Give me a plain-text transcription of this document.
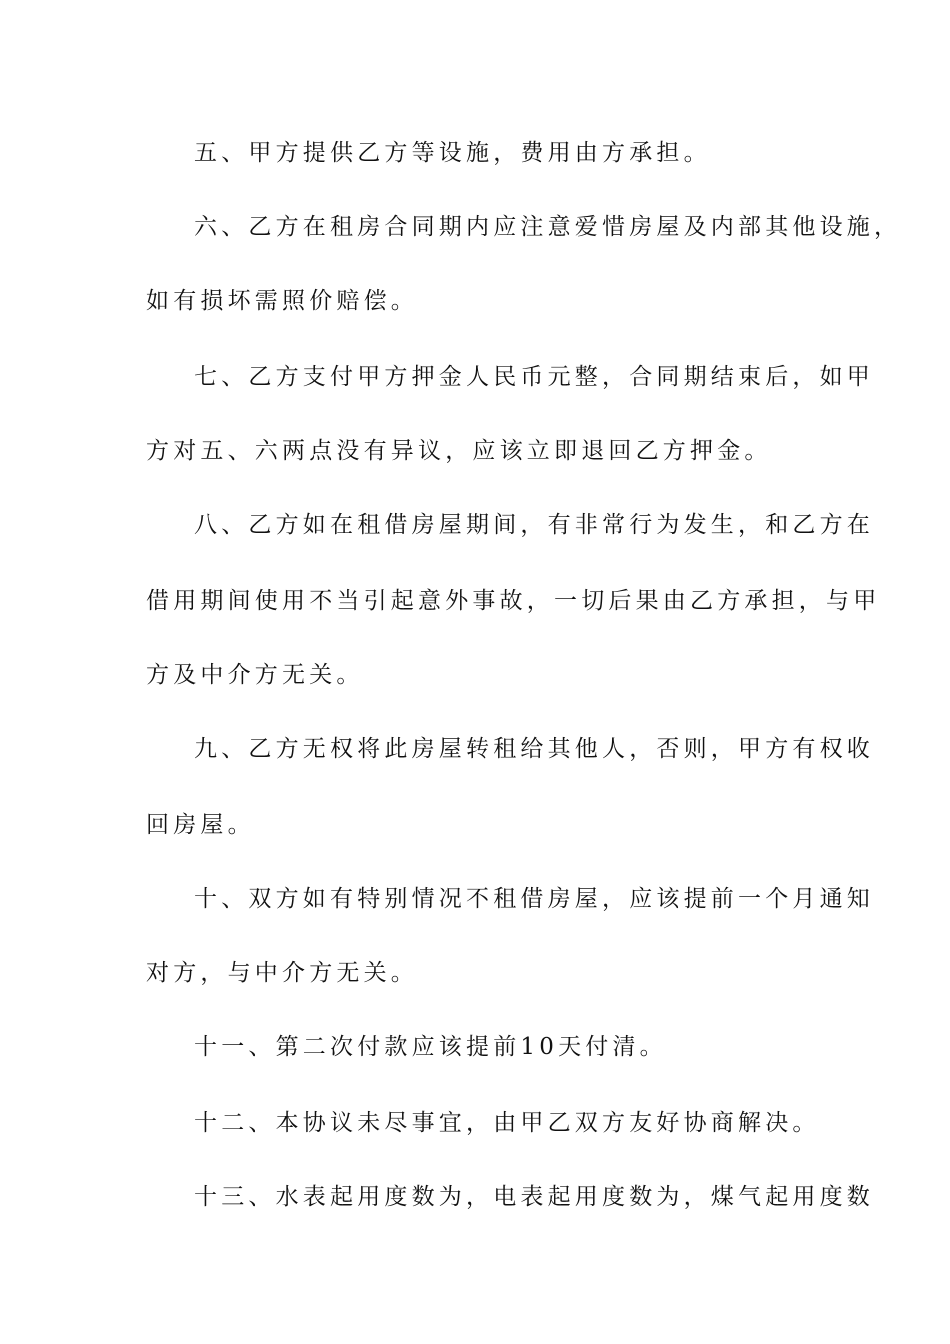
五、甲方提供乙方等设施，费用由方承担。
六、乙方在租房合同期内应注意爱惜房屋及内部其他设施，
如有损坏需照价赔偿。
七、乙方支付甲方押金人民币元整，合同期结束后，如甲
方对五、六两点没有异议，应该立即退回乙方押金。
八、乙方如在租借房屋期间，有非常行为发生，和乙方在
借用期间使用不当引起意外事故，一切后果由乙方承担，与甲
方及中介方无关。
九、乙方无权将此房屋转租给其他人，否则，甲方有权收
回房屋。
十、双方如有特别情况不租借房屋，应该提前一个月通知
对方，与中介方无关。
十一、第二次付款应该提前10天付清。
十二、本协议未尽事宜，由甲乙双方友好协商解决。
十三、水表起用度数为，电表起用度数为，煤气起用度数
